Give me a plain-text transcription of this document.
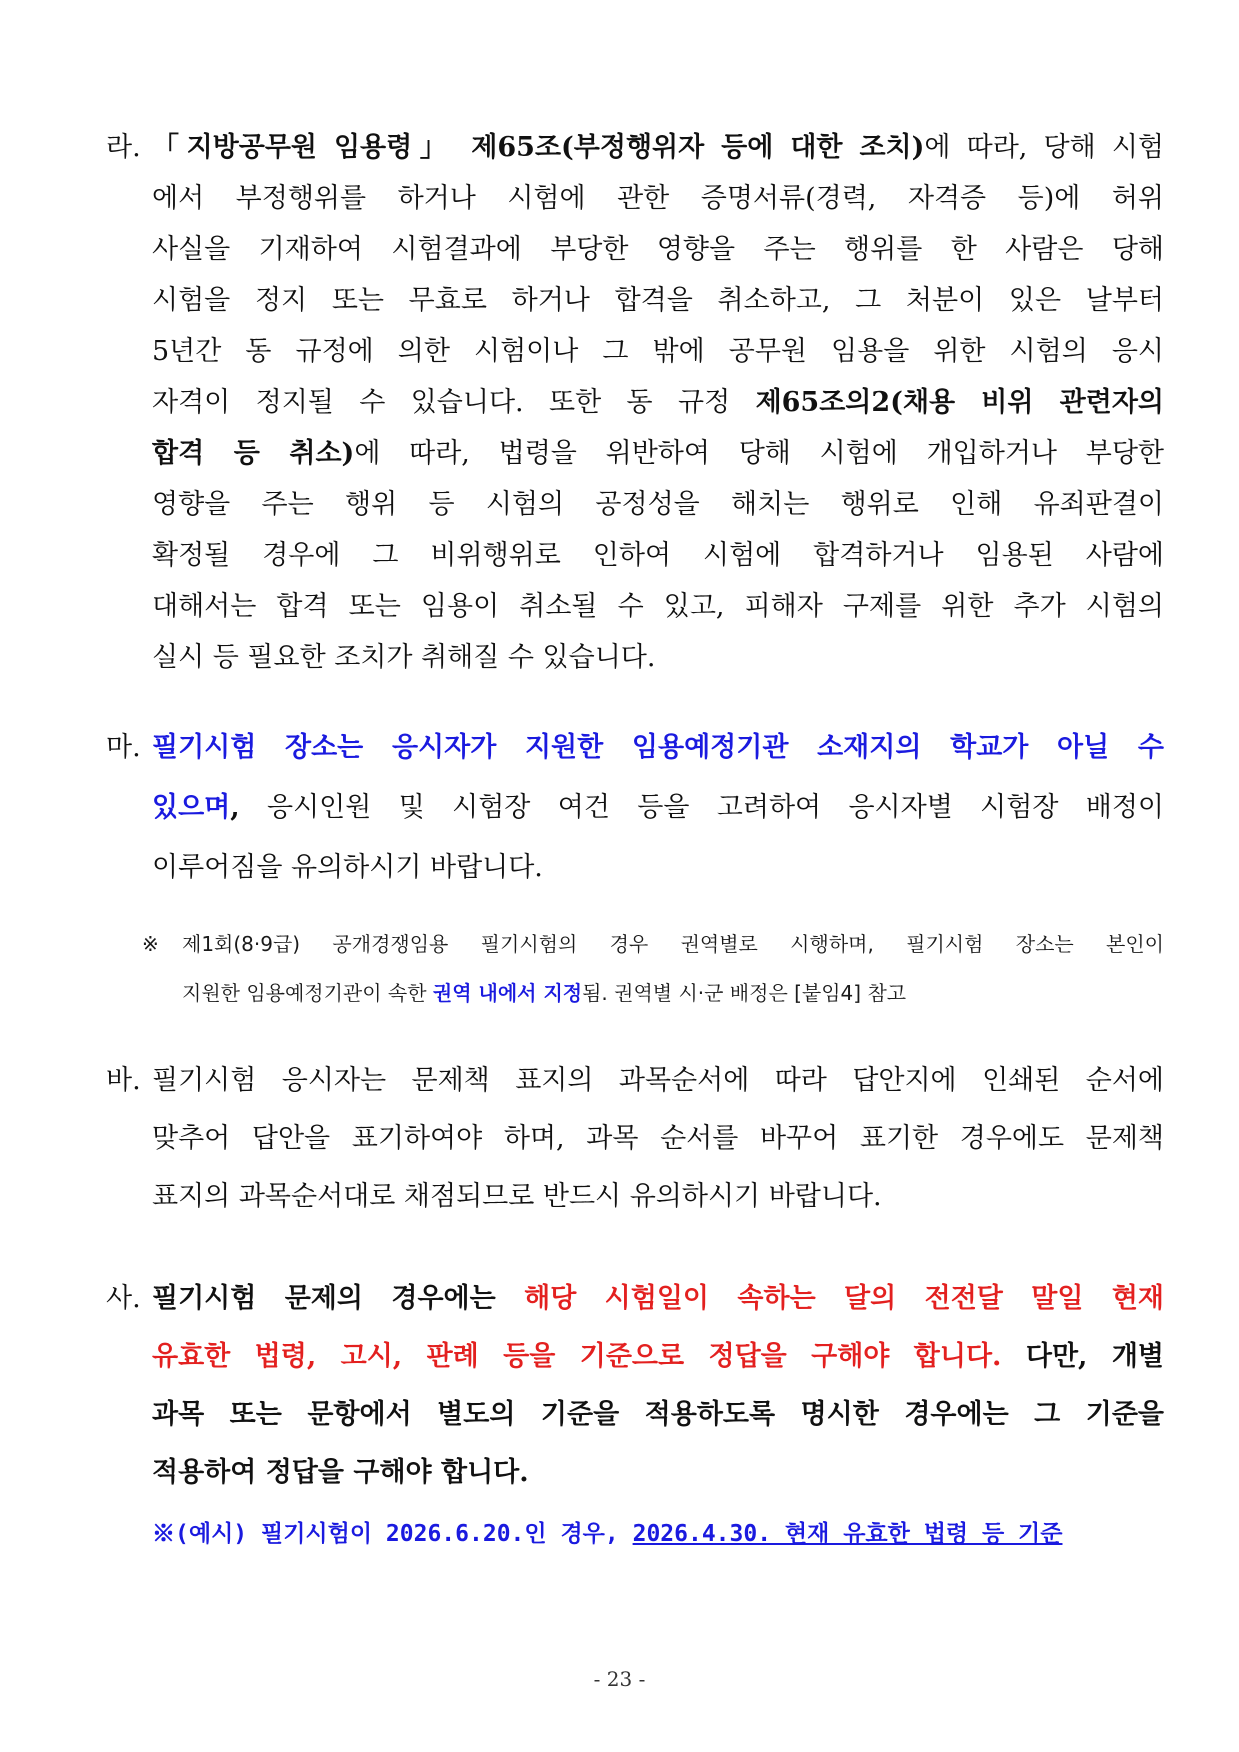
라. 「지방공무원 임용령」 제65조(부정행위자 등에 대한 조치)에 따라, 당해 시험
에서 부정행위를 하거나 시험에 관한 증명서류(경력, 자격증 등)에 허위
사실을 기재하여 시험결과에 부당한 영향을 주는 행위를 한 사람은 당해
시험을 정지 또는 무효로 하거나 합격을 취소하고, 그 처분이 있은 날부터
5년간 동 규정에 의한 시험이나 그 밖에 공무원 임용을 위한 시험의 응시
자격이 정지될 수 있습니다. 또한 동 규정 제65조의2(채용 비위 관련자의
합격 등 취소)에 따라, 법령을 위반하여 당해 시험에 개입하거나 부당한
영향을 주는 행위 등 시험의 공정성을 해치는 행위로 인해 유죄판결이
확정될 경우에 그 비위행위로 인하여 시험에 합격하거나 임용된 사람에
대해서는 합격 또는 임용이 취소될 수 있고, 피해자 구제를 위한 추가 시험의
실시 등 필요한 조치가 취해질 수 있습니다.
마. 필기시험 장소는 응시자가 지원한 임용예정기관 소재지의 학교가 아닐 수
있으며, 응시인원 및 시험장 여건 등을 고려하여 응시자별 시험장 배정이
이루어짐을 유의하시기 바랍니다.
※ 제1회(8·9급) 공개경쟁임용 필기시험의 경우 권역별로 시행하며, 필기시험 장소는 본인이
지원한 임용예정기관이 속한 권역 내에서 지정됨. 권역별 시·군 배정은 [붙임4] 참고
바. 필기시험 응시자는 문제책 표지의 과목순서에 따라 답안지에 인쇄된 순서에
맞추어 답안을 표기하여야 하며, 과목 순서를 바꾸어 표기한 경우에도 문제책
표지의 과목순서대로 채점되므로 반드시 유의하시기 바랍니다.
사. 필기시험 문제의 경우에는 해당 시험일이 속하는 달의 전전달 말일 현재
유효한 법령, 고시, 판례 등을 기준으로 정답을 구해야 합니다. 다만, 개별
과목 또는 문항에서 별도의 기준을 적용하도록 명시한 경우에는 그 기준을
적용하여 정답을 구해야 합니다.
※(예시) 필기시험이 2026.6.20.인 경우, 2026.4.30. 현재 유효한 법령 등 기준
- 23 -
